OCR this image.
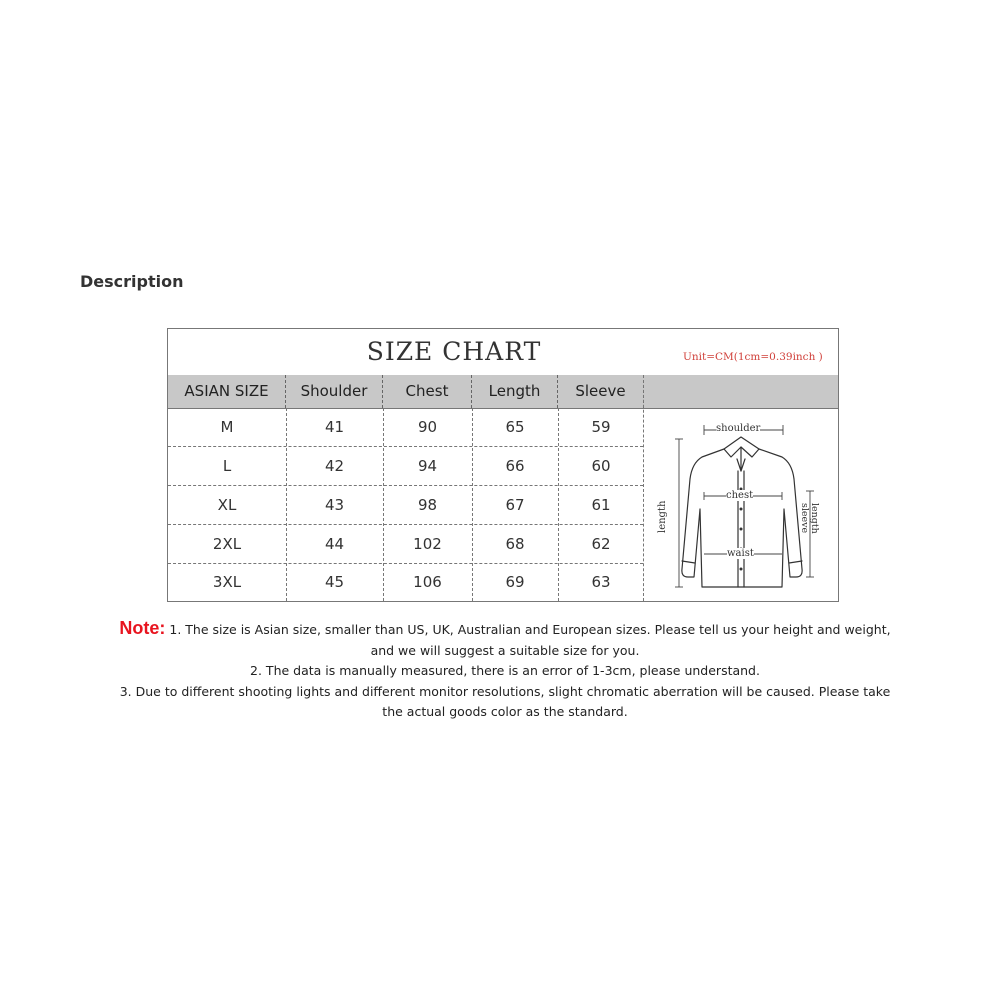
Description
SIZE CHART	Unit=CM(1cm=0.39inch )
ASIAN SIZE	Shoulder	Chest	Length	Sleeve
M	41	90	65	59
L	42	94	66	60
XL	43	98	67	61
2XL	44	102	68	62
3XL	45	106	69	63
shoulder
chest
waist
length	sleeve length
Note: 1. The size is Asian size, smaller than US, UK, Australian and European sizes. Please tell us your height and weight,
and we will suggest a suitable size for you.
2. The data is manually measured, there is an error of 1-3cm, please understand.
3. Due to different shooting lights and different monitor resolutions, slight chromatic aberration will be caused. Please take
the actual goods color as the standard.
